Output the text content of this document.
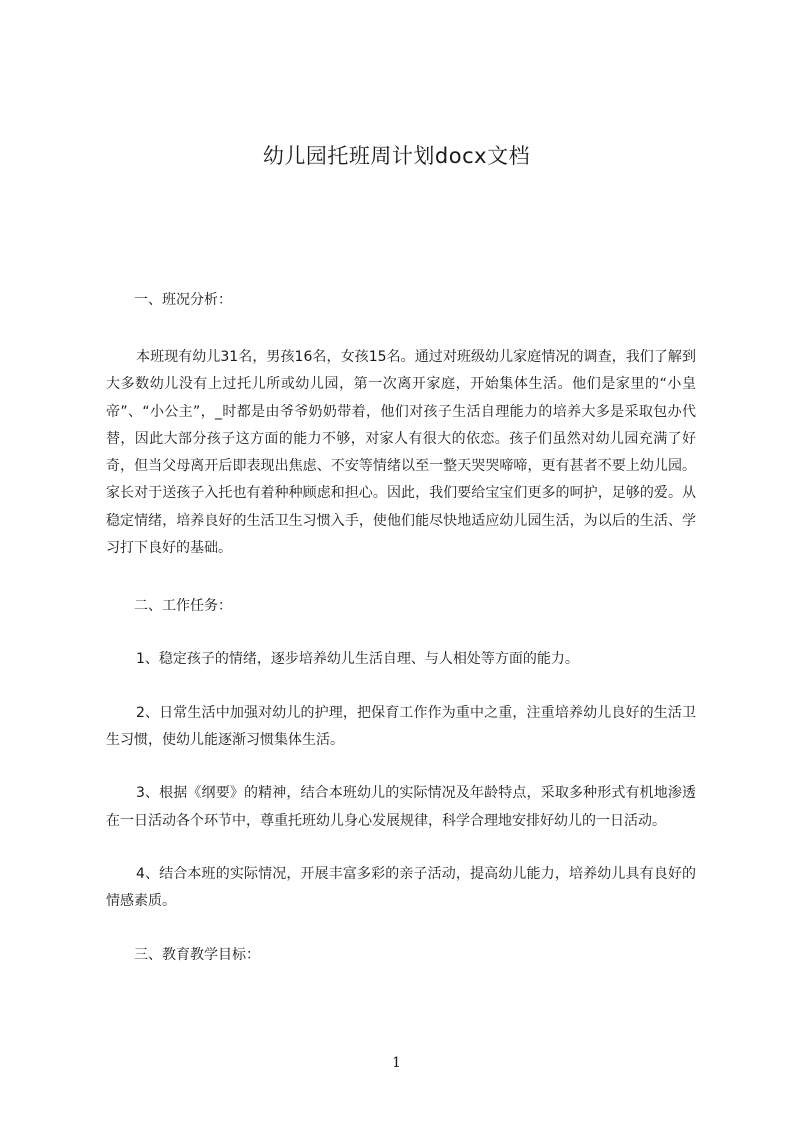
幼儿园托班周计划docx文档

一、班况分析：

本班现有幼儿31名，男孩16名，女孩15名。通过对班级幼儿家庭情况的调查，我们了解到大多数幼儿没有上过托儿所或幼儿园，第一次离开家庭，开始集体生活。他们是家里的“小皇帝”、“小公主”，_时都是由爷爷奶奶带着，他们对孩子生活自理能力的培养大多是采取包办代替，因此大部分孩子这方面的能力不够，对家人有很大的依恋。孩子们虽然对幼儿园充满了好奇，但当父母离开后即表现出焦虑、不安等情绪以至一整天哭哭啼啼，更有甚者不要上幼儿园。家长对于送孩子入托也有着种种顾虑和担心。因此，我们要给宝宝们更多的呵护，足够的爱。从稳定情绪，培养良好的生活卫生习惯入手，使他们能尽快地适应幼儿园生活，为以后的生活、学习打下良好的基础。

二、工作任务：

1、稳定孩子的情绪，逐步培养幼儿生活自理、与人相处等方面的能力。

2、日常生活中加强对幼儿的护理，把保育工作作为重中之重，注重培养幼儿良好的生活卫生习惯，使幼儿能逐渐习惯集体生活。

3、根据《纲要》的精神，结合本班幼儿的实际情况及年龄特点，采取多种形式有机地渗透在一日活动各个环节中，尊重托班幼儿身心发展规律，科学合理地安排好幼儿的一日活动。

4、结合本班的实际情况，开展丰富多彩的亲子活动，提高幼儿能力，培养幼儿具有良好的情感素质。

三、教育教学目标：

1
